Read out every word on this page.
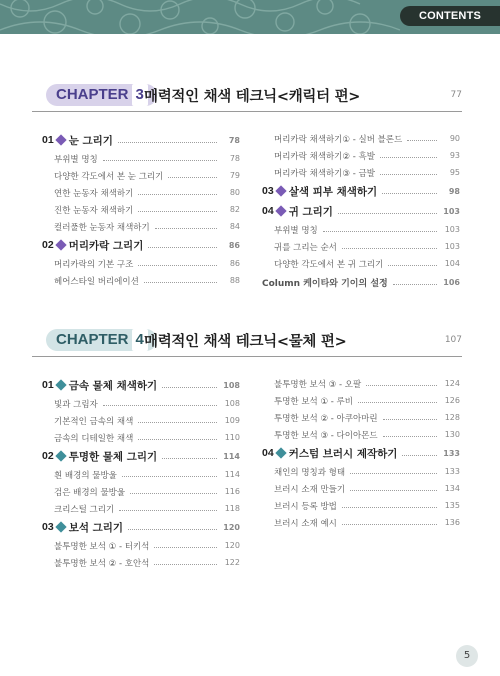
CONTENTS
CHAPTER 3 매력적인 채색 테크닉<캐릭터 편>	77
01 눈 그리기	78
부위별 명칭	78
다양한 각도에서 본 눈 그리기	79
연한 눈동자 채색하기	80
진한 눈동자 채색하기	82
컬러풀한 눈동자 채색하기	84
02 머리카락 그리기	86
머리카락의 기본 구조	86
헤어스타일 버리에이션	88
머리카락 채색하기① - 실버 블론드	90
머리카락 채색하기② - 흑발	93
머리카락 채색하기③ - 금발	95
03 살색 피부 채색하기	98
04 귀 그리기	103
부위별 명칭	103
귀를 그리는 순서	103
다양한 각도에서 본 귀 그리기	104
Column 케이타와 기이의 설정	106
CHAPTER 4 매력적인 채색 테크닉<물체 편>	107
01 금속 물체 채색하기	108
빛과 그림자	108
기본적인 금속의 채색	109
금속의 디테일한 채색	110
02 투명한 물체 그리기	114
흰 배경의 물방울	114
검은 배경의 물방울	116
크리스털 그리기	118
03 보석 그리기	120
불투명한 보석 ① - 터키석	120
불투명한 보석 ② - 호안석	122
불투명한 보석 ③ - 오팔	124
투명한 보석 ① - 루비	126
투명한 보석 ② - 아쿠아마린	128
투명한 보석 ③ - 다이아몬드	130
04 커스텀 브러시 제작하기	133
채인의 명칭과 형태	133
브러시 소재 만들기	134
브러시 등록 방법	135
브러시 소재 예시	136
5
